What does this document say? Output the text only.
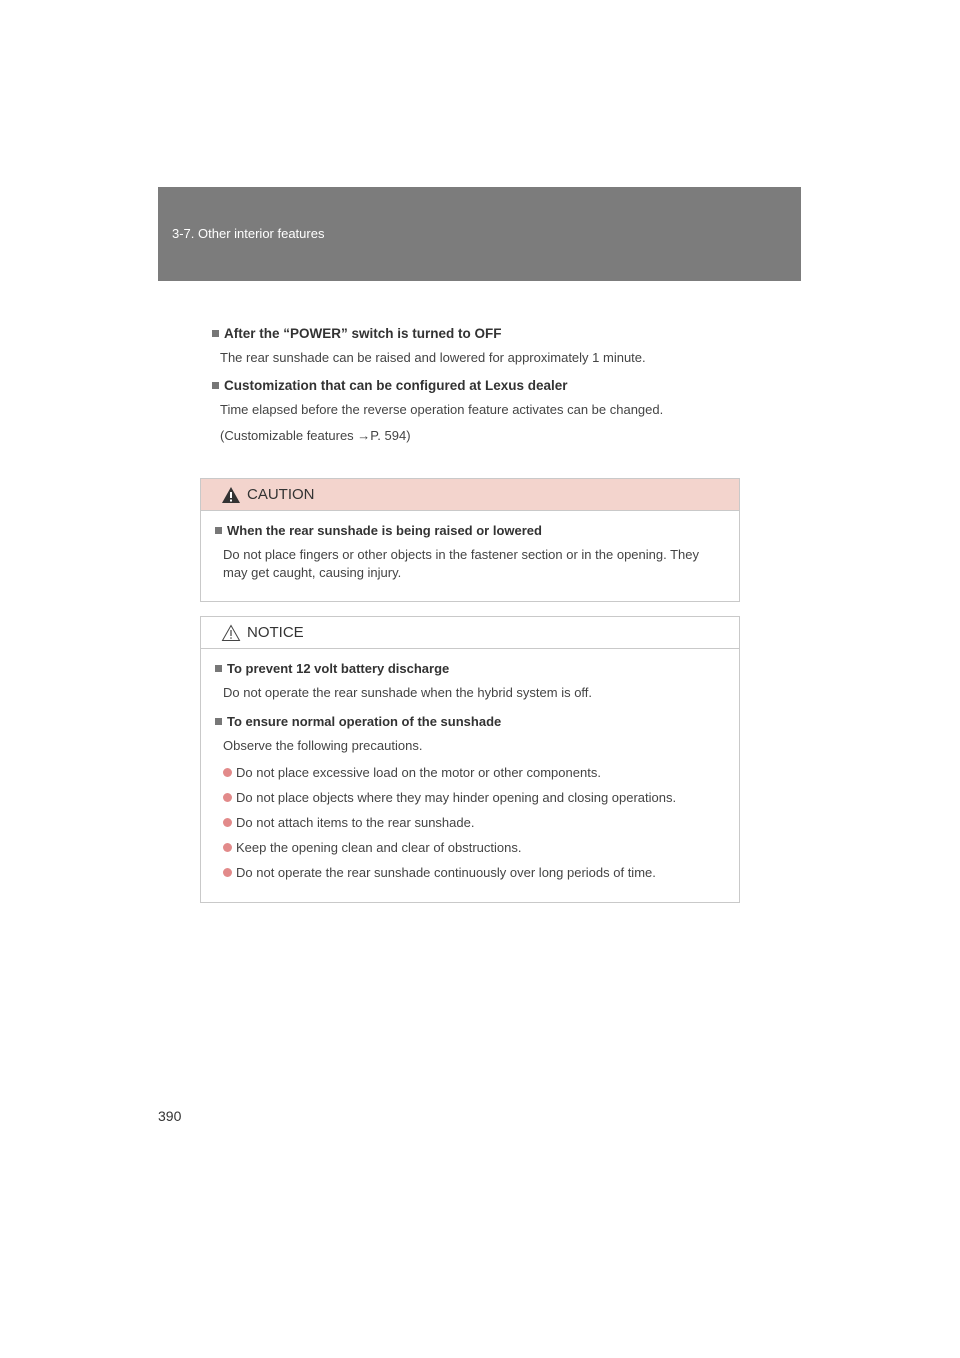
3-7. Other interior features
After the “POWER” switch is turned to OFF
The rear sunshade can be raised and lowered for approximately 1 minute.
Customization that can be configured at Lexus dealer
Time elapsed before the reverse operation feature activates can be changed.
(Customizable features →P. 594)
CAUTION
When the rear sunshade is being raised or lowered
Do not place fingers or other objects in the fastener section or in the opening. They may get caught, causing injury.
NOTICE
To prevent 12 volt battery discharge
Do not operate the rear sunshade when the hybrid system is off.
To ensure normal operation of the sunshade
Observe the following precautions.
Do not place excessive load on the motor or other components.
Do not place objects where they may hinder opening and closing operations.
Do not attach items to the rear sunshade.
Keep the opening clean and clear of obstructions.
Do not operate the rear sunshade continuously over long periods of time.
390
